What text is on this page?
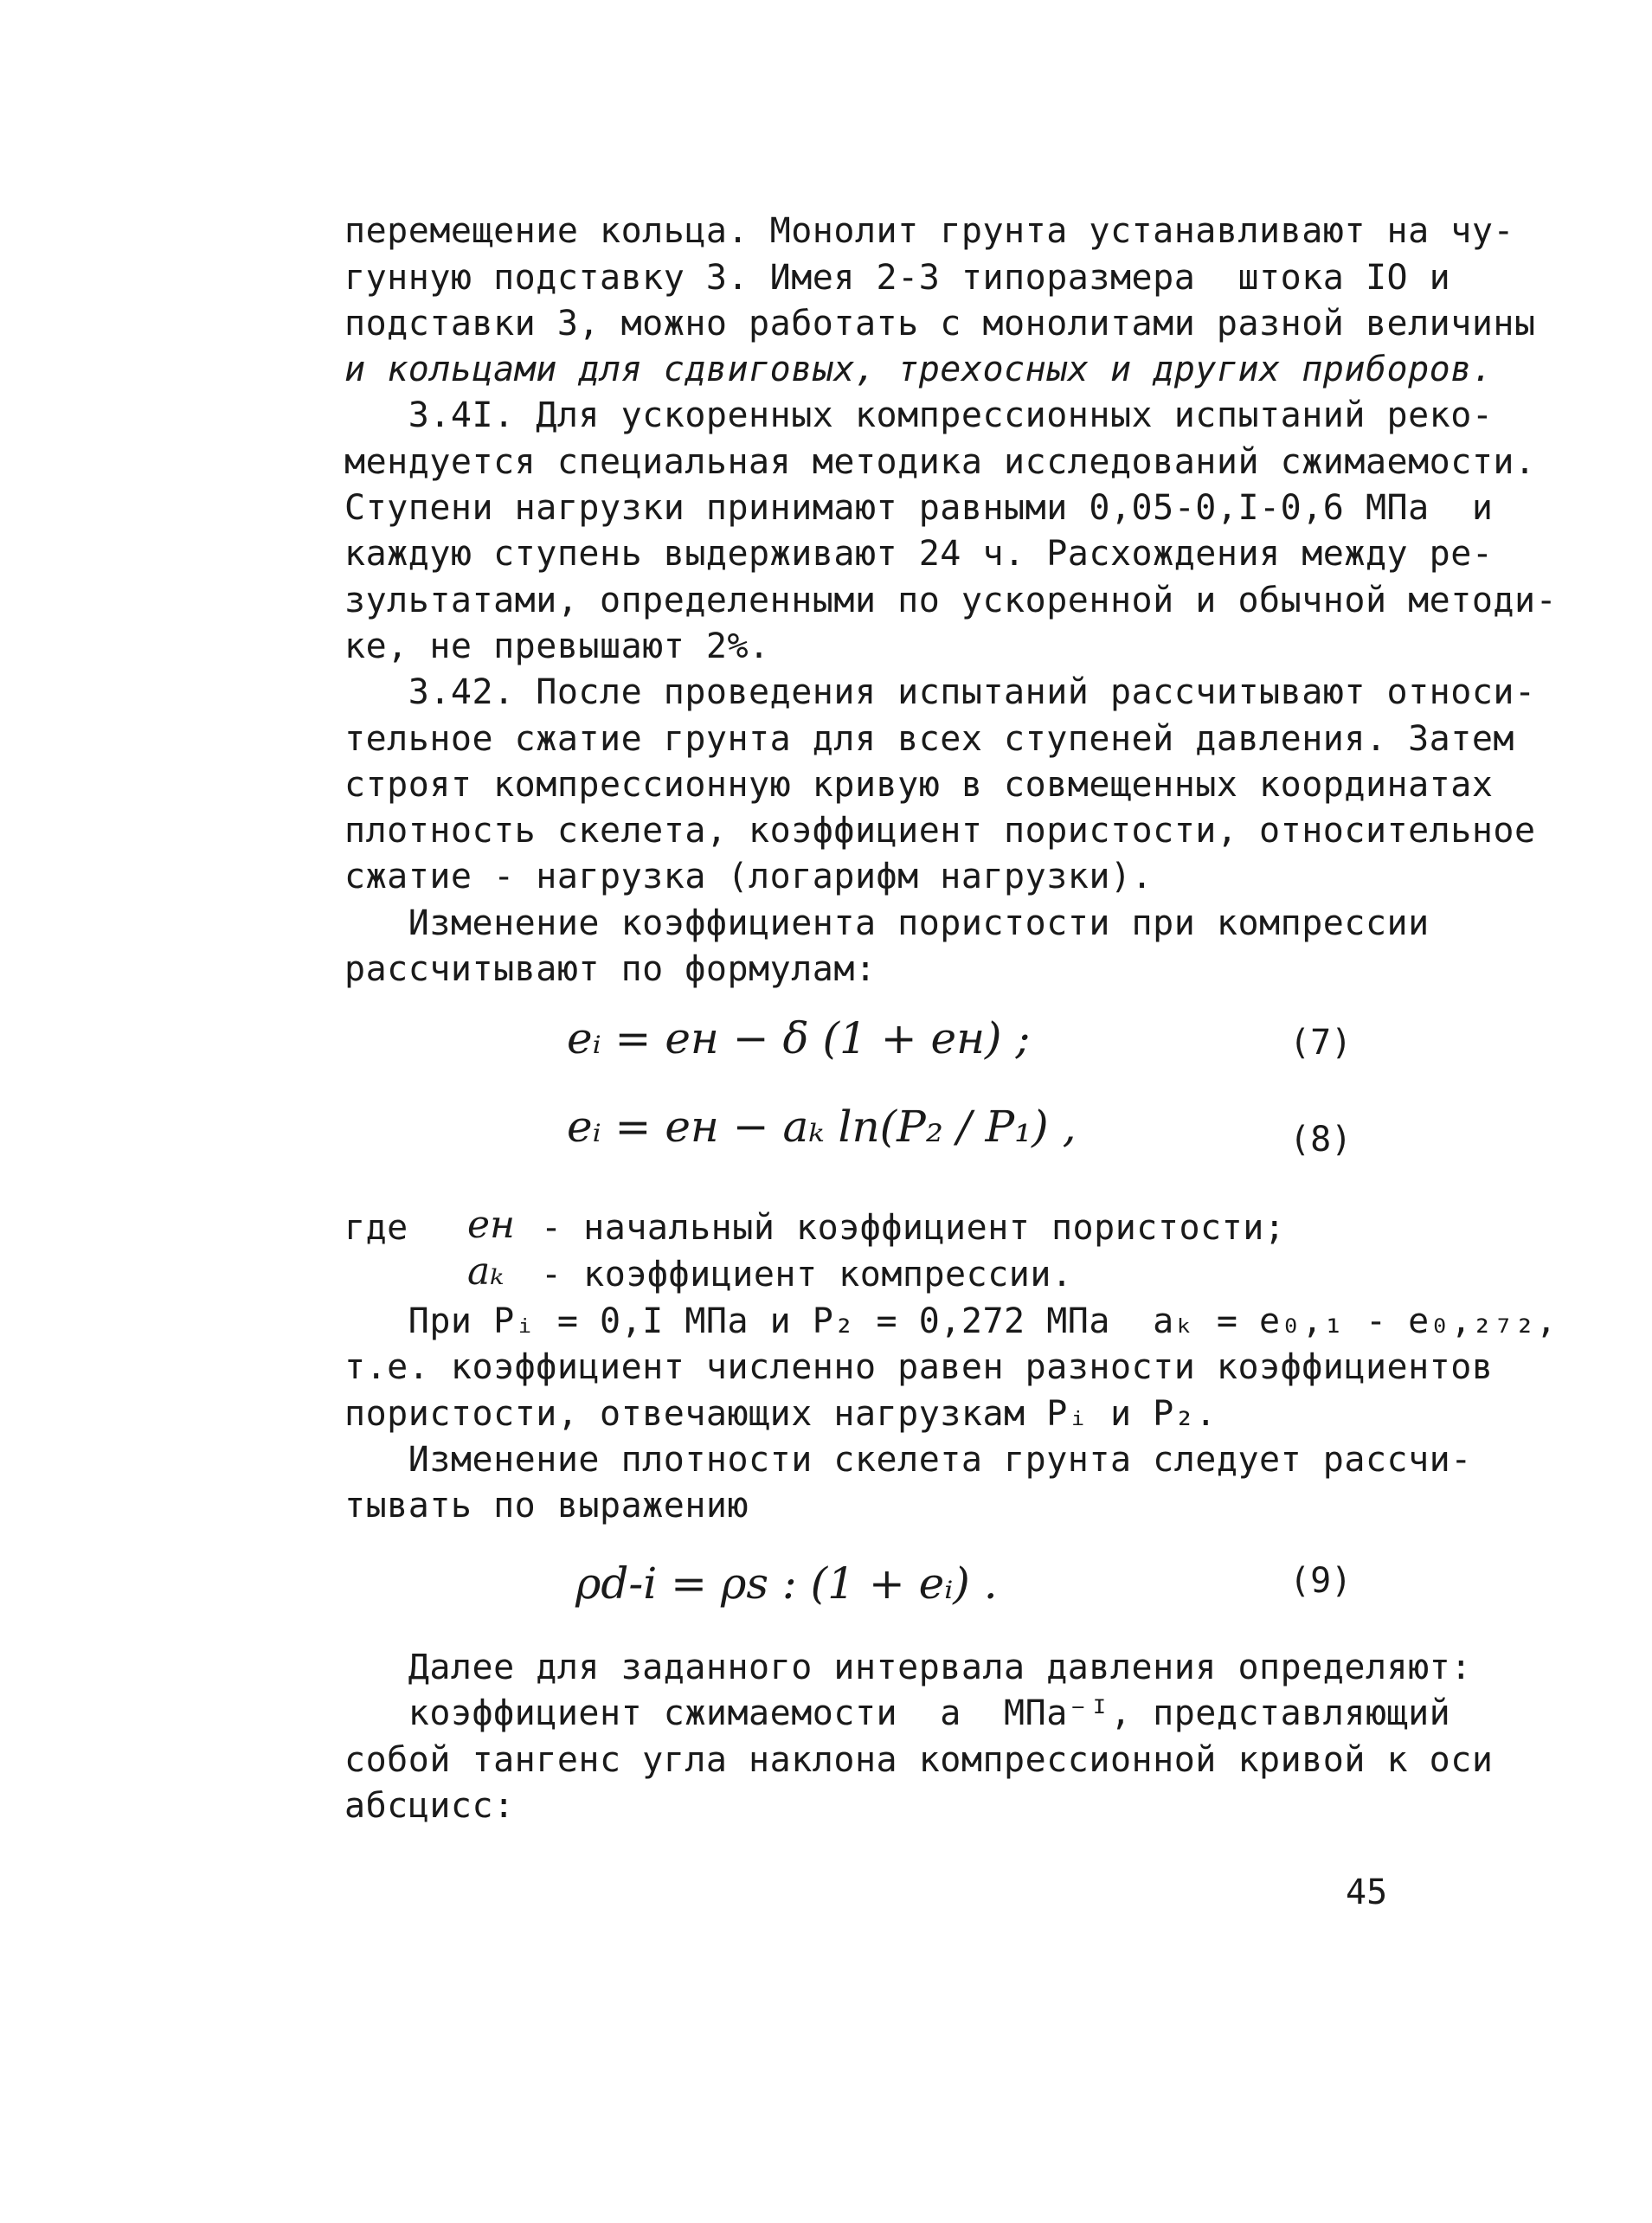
перемещение кольца. Монолит грунта устанавливают на чу-
гунную подставку 3. Имея 2-3 типоразмера  штока IO и
подставки 3, можно работать с монолитами разной величины
и кольцами для сдвиговых, трехосных и других приборов.
3.4I. Для ускоренных компрессионных испытаний реко-
мендуется специальная методика исследований сжимаемости.
Ступени нагрузки принимают равными 0,05-0,I-0,6 МПа  и
каждую ступень выдерживают 24 ч. Расхождения между ре-
зультатами, определенными по ускоренной и обычной методи-
ке, не превышают 2%.
3.42. После проведения испытаний рассчитывают относи-
тельное сжатие грунта для всех ступеней давления. Затем
строят компрессионную кривую в совмещенных координатах
плотность скелета, коэффициент пористости, относительное
сжатие - нагрузка (логарифм нагрузки).
Изменение коэффициента пористости при компрессии
рассчитывают по формулам:
eᵢ = eн − δ (1 + eн) ;	(7)
eᵢ = eн − aₖ ln(P₂ / P₁) ,	(8)
где eн - начальный коэффициент пористости;
aₖ - коэффициент компрессии.
При Pᵢ = 0,I МПа и P₂ = 0,272 МПа  aₖ = e₀,₁ - e₀,₂₇₂,
т.е. коэффициент численно равен разности коэффициентов
пористости, отвечающих нагрузкам Pᵢ и P₂.
Изменение плотности скелета грунта следует рассчи-
тывать по выражению
ρd-i = ρs : (1 + eᵢ) .	(9)
Далее для заданного интервала давления определяют:
коэффициент сжимаемости  a  МПа⁻ᴵ, представляющий
собой тангенс угла наклона компрессионной кривой к оси
абсцисс:
45
